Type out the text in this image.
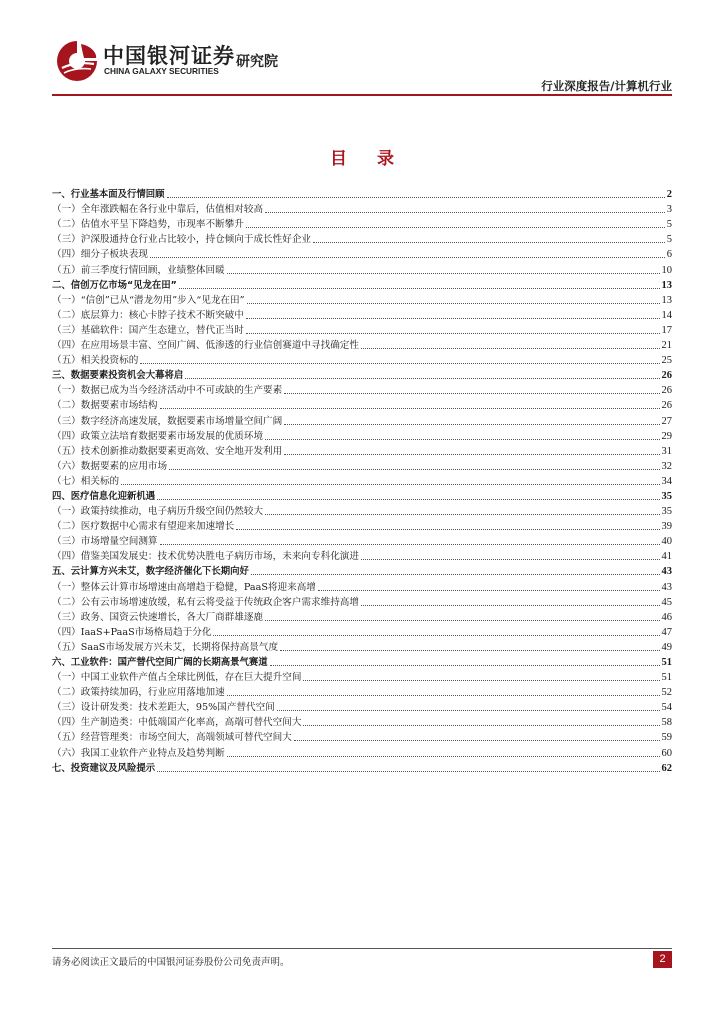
中国银河证券
CHINA GALAXY SECURITIES
研究院
行业深度报告/计算机行业
目 录
一、行业基本面及行情回顾	2
（一）全年涨跌幅在各行业中靠后，估值相对较高	3
（二）估值水平呈下降趋势，市现率不断攀升	5
（三）沪深股通持仓行业占比较小，持仓倾向于成长性好企业	5
（四）细分子板块表现	6
（五）前三季度行情回顾，业绩整体回暖	10
二、信创万亿市场“见龙在田”	13
（一）“信创”已从“潜龙勿用”步入“见龙在田”	13
（二）底层算力：核心卡脖子技术不断突破中	14
（三）基础软件：国产生态建立，替代正当时	17
（四）在应用场景丰富、空间广阔、低渗透的行业信创赛道中寻找确定性	21
（五）相关投资标的	25
三、数据要素投资机会大幕将启	26
（一）数据已成为当今经济活动中不可或缺的生产要素	26
（二）数据要素市场结构	26
（三）数字经济高速发展，数据要素市场增量空间广阔	27
（四）政策立法培育数据要素市场发展的优质环境	29
（五）技术创新推动数据要素更高效、安全地开发利用	31
（六）数据要素的应用市场	32
（七）相关标的	34
四、医疗信息化迎新机遇	35
（一）政策持续推动，电子病历升级空间仍然较大	35
（二）医疗数据中心需求有望迎来加速增长	39
（三）市场增量空间测算	40
（四）借鉴美国发展史：技术优势决胜电子病历市场，未来向专科化演进	41
五、云计算方兴未艾，数字经济催化下长期向好	43
（一）整体云计算市场增速由高增趋于稳健，PaaS将迎来高增	43
（二）公有云市场增速放缓，私有云将受益于传统政企客户需求维持高增	45
（三）政务、国资云快速增长，各大厂商群雄逐鹿	46
（四）IaaS+PaaS市场格局趋于分化	47
（五）SaaS市场发展方兴未艾，长期将保持高景气度	49
六、工业软件：国产替代空间广阔的长期高景气赛道	51
（一）中国工业软件产值占全球比例低，存在巨大提升空间	51
（二）政策持续加码，行业应用落地加速	52
（三）设计研发类：技术差距大，95%国产替代空间	54
（四）生产制造类：中低端国产化率高，高端可替代空间大	58
（五）经营管理类：市场空间大，高端领域可替代空间大	59
（六）我国工业软件产业特点及趋势判断	60
七、投资建议及风险提示	62
请务必阅读正文最后的中国银河证券股份公司免责声明。	2
